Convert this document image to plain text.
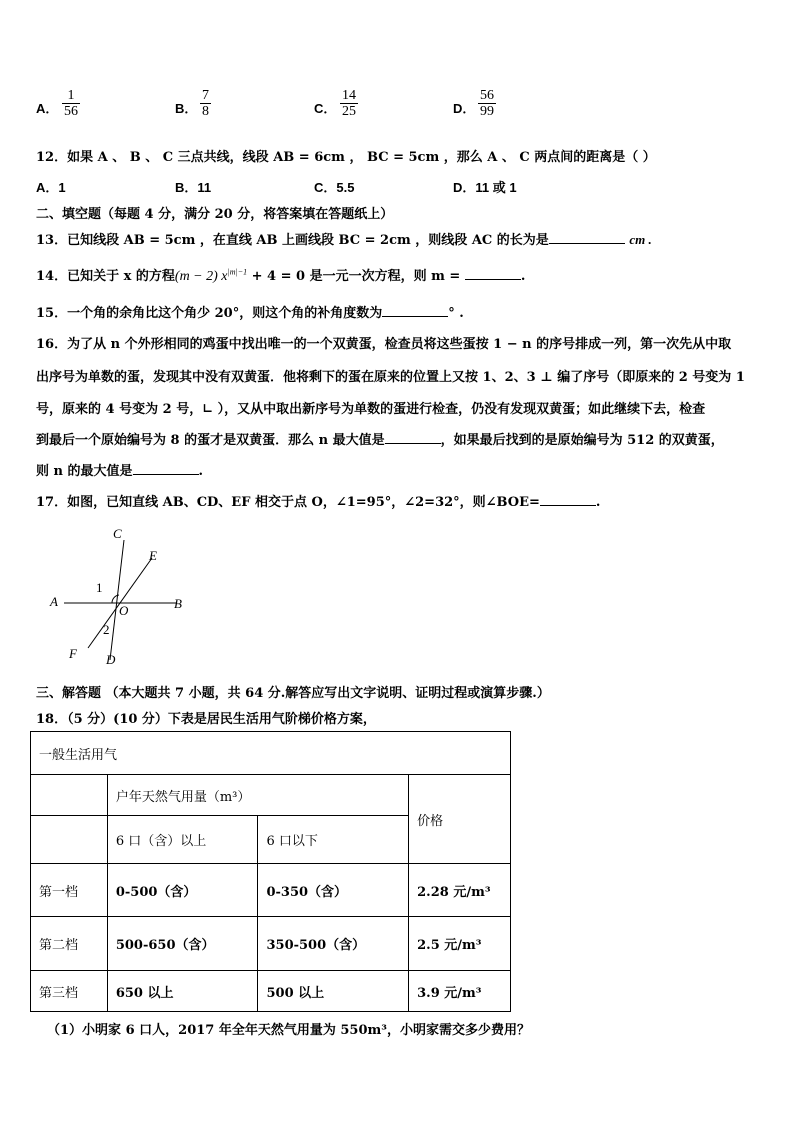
A．
1
56	B．
7
8	C．
14
25	D．
56
99
12．如果 A 、 B 、 C 三点共线，线段 AB = 6cm ， BC = 5cm ，那么 A 、 C 两点间的距离是（ ）
A．1	B．11	C．5.5	D．11 或 1
二、填空题（每题 4 分，满分 20 分，将答案填在答题纸上）
13．已知线段 AB = 5cm ，在直线 AB 上画线段 BC = 2cm ，则线段 AC 的长为是	cm .
14．已知关于 x 的方程(m − 2) $x^{|m|-1} + 4 = 0$ 是一元一次方程，则 m =	.
15．一个角的余角比这个角少 20°，则这个角的补角度数为	° .
16．为了从 n 个外形相同的鸡蛋中找出唯一的一个双黄蛋，检查员将这些蛋按 1 − n 的序号排成一列，第一次先从中取
出序号为单数的蛋，发现其中没有双黄蛋．他将剩下的蛋在原来的位置上又按 1、2、3 ⊥ 编了序号（即原来的 2 号变为 1
号，原来的 4 号变为 2 号，∟ ），又从中取出新序号为单数的蛋进行检查，仍没有发现双黄蛋；如此继续下去，检查
到最后一个原始编号为 8 的蛋才是双黄蛋．那么 n 最大值是	，如果最后找到的是原始编号为 512 的双黄蛋，
则 n 的最大值是	.
17．如图，已知直线 AB、CD、EF 相交于点 O，∠1=95°，∠2=32°，则∠BOE=	.
C
E
A	B
O
1
2
F D
三、解答题 （本大题共 7 小题，共 64 分.解答应写出文字说明、证明过程或演算步骤.）
18．（5 分）(10 分）下表是居民生活用气阶梯价格方案，
一般生活用气			
	户年天然气用量（m³）		价格
	6 口（含）以上	6 口以下	
第一档	0-500（含）	0-350（含）	2.28 元/m³
第二档	500-650（含）	350-500（含）	2.5 元/m³
第三档	650 以上	500 以上	3.9 元/m³
（1）小明家 6 口人，2017 年全年天然气用量为 550m³，小明家需交多少费用？
